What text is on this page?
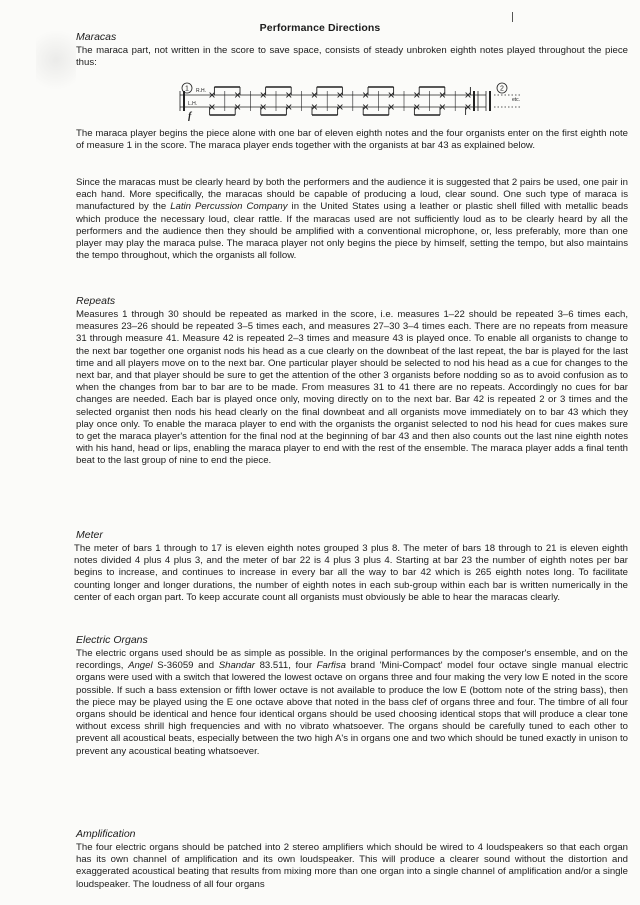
Performance Directions
Maracas

The maraca part, not written in the score to save space, consists of steady unbroken eighth notes played throughout the piece thus:

1	2
R.H.
L.H.
f
etc.

The maraca player begins the piece alone with one bar of eleven eighth notes and the four organists enter on the first eighth note of measure 1 in the score. The maraca player ends together with the organists at bar 43 as explained below.

Since the maracas must be clearly heard by both the performers and the audience it is suggested that 2 pairs be used, one pair in each hand. More specifically, the maracas should be capable of producing a loud, clear sound. One such type of maraca is manufactured by the Latin Percussion Company in the United States using a leather or plastic shell filled with metallic beads which produce the necessary loud, clear rattle. If the maracas used are not sufficiently loud as to be clearly heard by all the performers and the audience then they should be amplified with a conventional microphone, or, less preferably, more than one player may play the maraca pulse. The maraca player not only begins the piece by himself, setting the tempo, but also maintains the tempo throughout, which the organists all follow.

Repeats

Measures 1 through 30 should be repeated as marked in the score, i.e. measures 1–22 should be repeated 3–6 times each, measures 23–26 should be repeated 3–5 times each, and measures 27–30 3–4 times each. There are no repeats from measure 31 through measure 41. Measure 42 is repeated 2–3 times and measure 43 is played once. To enable all organists to change to the next bar together one organist nods his head as a cue clearly on the downbeat of the last repeat, the bar is played for the last time and all players move on to the next bar. One particular player should be selected to nod his head as a cue for changes to the next bar, and that player should be sure to get the attention of the other 3 organists before nodding so as to avoid confusion as to when the changes from bar to bar are to be made. From measures 31 to 41 there are no repeats. Accordingly no cues for bar changes are needed. Each bar is played once only, moving directly on to the next bar. Bar 42 is repeated 2 or 3 times and the selected organist then nods his head clearly on the final downbeat and all organists move immediately on to bar 43 which they play once only. To enable the maraca player to end with the organists the organist selected to nod his head for cues makes sure to get the maraca player's attention for the final nod at the beginning of bar 43 and then also counts out the last nine eighth notes with his hand, head or lips, enabling the maraca player to end with the rest of the ensemble. The maraca player adds a final tenth beat to the last group of nine to end the piece.

Meter

The meter of bars 1 through to 17 is eleven eighth notes grouped 3 plus 8. The meter of bars 18 through to 21 is eleven eighth notes divided 4 plus 4 plus 3, and the meter of bar 22 is 4 plus 3 plus 4. Starting at bar 23 the number of eighth notes per bar begins to increase, and continues to increase in every bar all the way to bar 42 which is 265 eighth notes long. To facilitate counting longer and longer durations, the number of eighth notes in each sub-group within each bar is written numerically in the center of each organ part. To keep accurate count all organists must obviously be able to hear the maracas clearly.

Electric Organs

The electric organs used should be as simple as possible. In the original performances by the composer's ensemble, and on the recordings, Angel S-36059 and Shandar 83.511, four Farfisa brand 'Mini-Compact' model four octave single manual electric organs were used with a switch that lowered the lowest octave on organs three and four making the very low E noted in the score possible. If such a bass extension or fifth lower octave is not available to produce the low E (bottom note of the string bass), then the piece may be played using the E one octave above that noted in the bass clef of organs three and four. The timbre of all four organs should be identical and hence four identical organs should be used choosing identical stops that will produce a clear tone without excess shrill high frequencies and with no vibrato whatsoever. The organs should be carefully tuned to each other to prevent all acoustical beats, especially between the two high A's in organs one and two which should be tuned exactly in unison to prevent any acoustical beating whatsoever.

Amplification

The four electric organs should be patched into 2 stereo amplifiers which should be wired to 4 loudspeakers so that each organ has its own channel of amplification and its own loudspeaker. This will produce a clearer sound without the distortion and exaggerated acoustical beating that results from mixing more than one organ into a single channel of amplification and/or a single loudspeaker. The loudness of all four organs
